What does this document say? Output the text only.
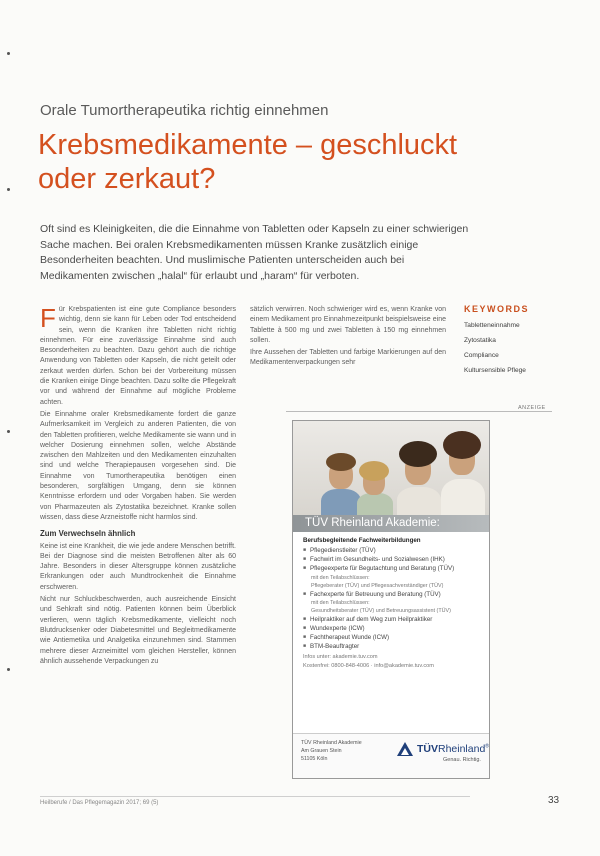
Orale Tumortherapeutika richtig einnehmen
Krebsmedikamente – geschluckt oder zerkaut?
Oft sind es Kleinigkeiten, die die Einnahme von Tabletten oder Kapseln zu einer schwierigen Sache machen. Bei oralen Krebsmedikamenten müssen Kranke zusätzlich einige Besonderheiten beachten. Und muslimische Patienten unterscheiden auch bei Medikamenten zwischen „halal“ für erlaubt und „haram“ für verboten.

Für Krebspatienten ist eine gute Compliance besonders wichtig, denn sie kann für Leben oder Tod entscheidend sein, wenn die Kranken ihre Tabletten nicht richtig einnehmen. Für eine zuverlässige Einnahme sind auch Besonderheiten zu beachten. Dazu gehört auch die richtige Anwendung von Tabletten oder Kapseln, die nicht geteilt oder zerkaut werden dürfen. Schon bei der Vorbereitung müssen die Kranken einige Dinge beachten. Dazu sollte die Pflegekraft vor und während der Einnahme auf mögliche Probleme achten.

Die Einnahme oraler Krebsmedikamente fordert die ganze Aufmerksamkeit im Vergleich zu anderen Patienten, die von den Tabletten profitieren, welche Medikamente sie wann und in welcher Dosierung einnehmen sollen, welche Abstände zwischen den Mahlzeiten und den Medikamenten einzuhalten sind und welche Therapiepausen vorgesehen sind. Die Einnahme von Tumortherapeutika benötigen einen besonderen, sorgfältigen Umgang, denn sie können Kenntnisse erfordern und oder Vorgaben haben. Sie werden von Pharmazeuten als Zytostatika bezeichnet. Kranke sollen wissen, dass diese Arzneistoffe nicht harmlos sind.

Zum Verwechseln ähnlich

Keine ist eine Krankheit, die wie jede andere Menschen betrifft. Bei der Diagnose sind die meisten Betroffenen älter als 60 Jahre. Besonders in dieser Altersgruppe können zusätzliche Erkrankungen oder auch Mundtrockenheit die Einnahme erschweren.

Nicht nur Schluckbeschwerden, auch ausreichende Einsicht und Sehkraft sind nötig. Patienten können beim Überblick verlieren, wenn täglich Krebsmedikamente, vielleicht noch Blutdrucksenker oder Diabetesmittel und Begleitmedikamente wie Antiemetika und Analgetika einzunehmen sind. Stammen mehrere dieser Arzneimittel vom gleichen Hersteller, können ähnlich aussehende Verpackungen zu

sätzlich verwirren. Noch schwieriger wird es, wenn Kranke von einem Medikament pro Einnahmezeitpunkt beispielsweise eine Tablette à 500 mg und zwei Tabletten à 150 mg einnehmen sollen.

Ihre Aussehen der Tabletten und farbige Markierungen auf den Medikamentenverpackungen sehr

KEYWORDS
Tabletteneinnahme
Zytostatika
Compliance
Kultursensible Pflege
ANZEIGE
TÜV Rheinland Akademie:
Berufsbegleitende Fachweiterbildungen
■ Pflegedienstleiter (TÜV)
■ Fachwirt im Gesundheits- und Sozialwesen (IHK)
■ Pflegeexperte für Begutachtung und Beratung (TÜV)
mit den Teilabschlüssen:
Pflegeberater (TÜV) und Pflegesachverständiger (TÜV)
■ Fachexperte für Betreuung und Beratung (TÜV)
mit den Teilabschlüssen:
Gesundheitsberater (TÜV) und Betreuungsassistent (TÜV)
■ Heilpraktiker auf dem Weg zum Heilpraktiker
■ Wundexperte (ICW)
■ Fachtherapeut Wunde (ICW)
■ BTM-Beauftragter
Infos unter: akademie.tuv.com
Kostenfrei: 0800-848-4006 · info@akademie.tuv.com
TÜV Rheinland Akademie
Am Grauen Stein
51105 Köln
TÜVRheinland®
Genau. Richtig.
Heilberufe / Das Pflegemagazin 2017; 69 (5)	33
